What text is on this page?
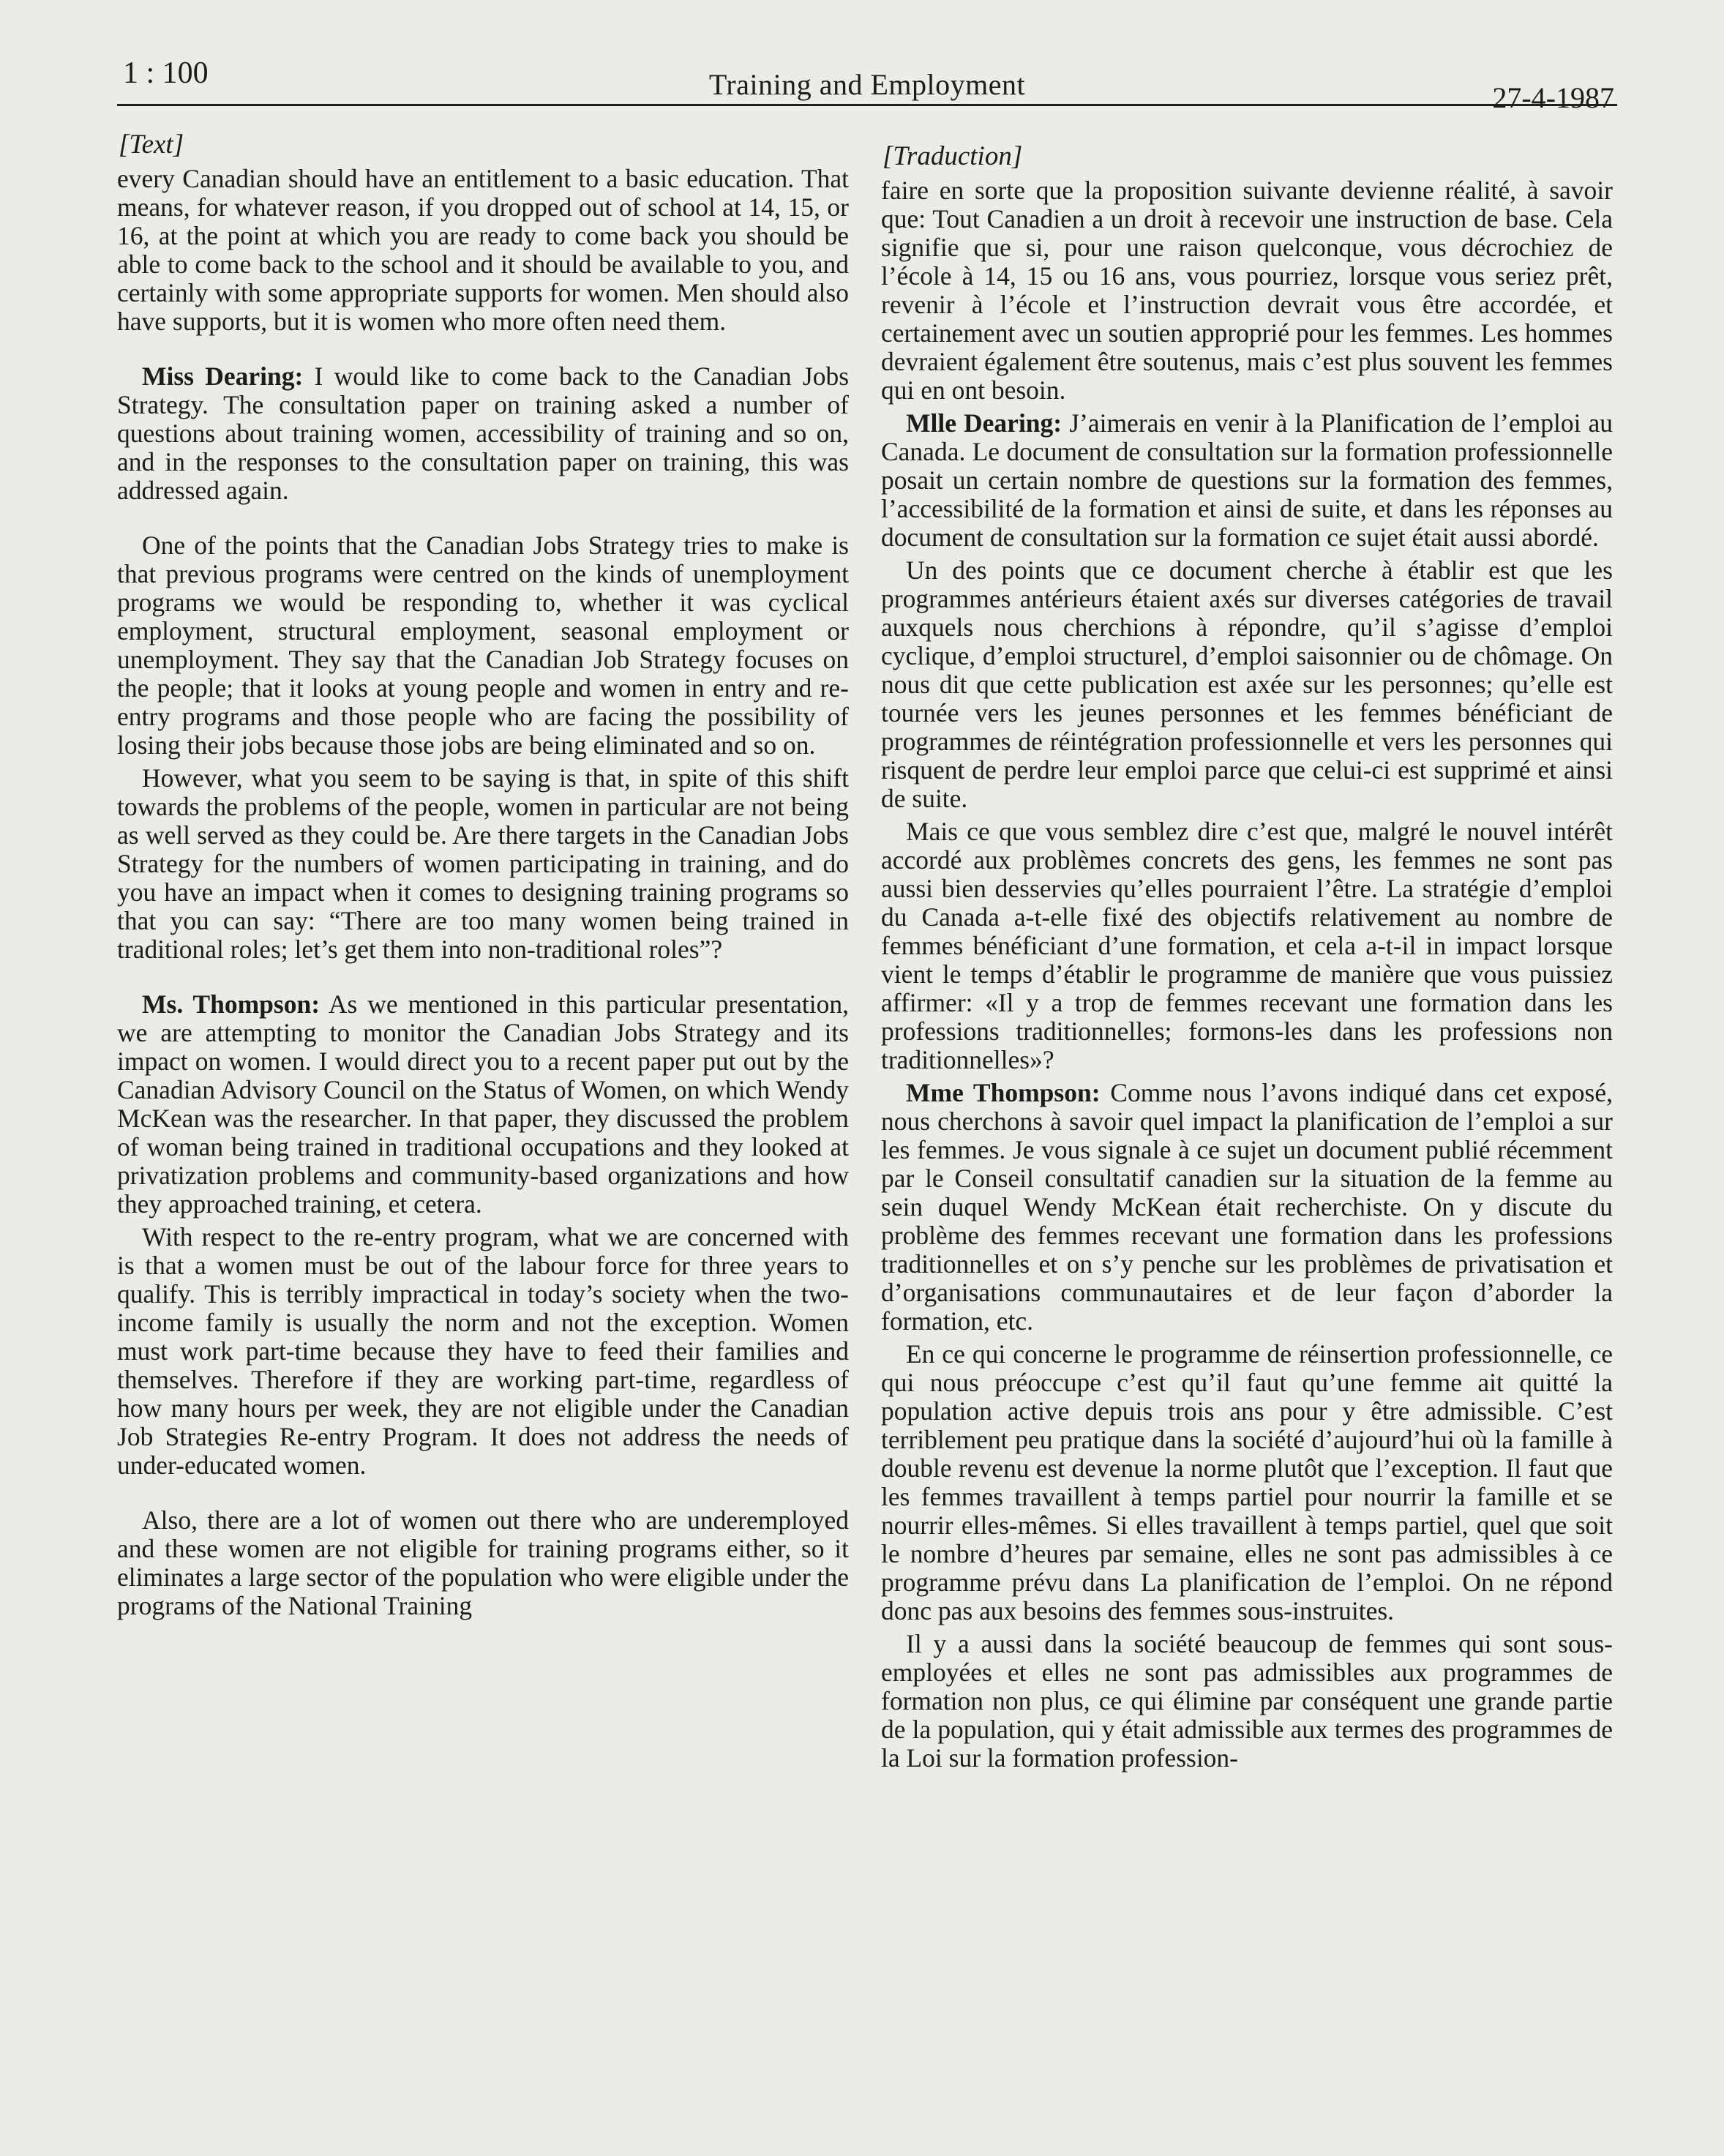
1 : 100	Training and Employment	27-4-1987
[Text]

every Canadian should have an entitlement to a basic education. That means, for whatever reason, if you dropped out of school at 14, 15, or 16, at the point at which you are ready to come back you should be able to come back to the school and it should be available to you, and certainly with some appropriate supports for women. Men should also have supports, but it is women who more often need them.

Miss Dearing: I would like to come back to the Canadian Jobs Strategy. The consultation paper on training asked a number of questions about training women, accessibility of training and so on, and in the responses to the consultation paper on training, this was addressed again.

One of the points that the Canadian Jobs Strategy tries to make is that previous programs were centred on the kinds of unemployment programs we would be responding to, whether it was cyclical employment, structural employment, seasonal employment or unemployment. They say that the Canadian Job Strategy focuses on the people; that it looks at young people and women in entry and re-entry programs and those people who are facing the possibility of losing their jobs because those jobs are being eliminated and so on.

However, what you seem to be saying is that, in spite of this shift towards the problems of the people, women in particular are not being as well served as they could be. Are there targets in the Canadian Jobs Strategy for the numbers of women participating in training, and do you have an impact when it comes to designing training programs so that you can say: “There are too many women being trained in traditional roles; let’s get them into non-traditional roles”?

Ms. Thompson: As we mentioned in this particular presentation, we are attempting to monitor the Canadian Jobs Strategy and its impact on women. I would direct you to a recent paper put out by the Canadian Advisory Council on the Status of Women, on which Wendy McKean was the researcher. In that paper, they discussed the problem of woman being trained in traditional occupations and they looked at privatization problems and community-based organizations and how they approached training, et cetera.

With respect to the re-entry program, what we are concerned with is that a women must be out of the labour force for three years to qualify. This is terribly impractical in today’s society when the two-income family is usually the norm and not the exception. Women must work part-time because they have to feed their families and themselves. Therefore if they are working part-time, regardless of how many hours per week, they are not eligible under the Canadian Job Strategies Re-entry Program. It does not address the needs of under-educated women.

Also, there are a lot of women out there who are underemployed and these women are not eligible for training programs either, so it eliminates a large sector of the population who were eligible under the programs of the National Training

[Traduction]

faire en sorte que la proposition suivante devienne réalité, à savoir que: Tout Canadien a un droit à recevoir une instruction de base. Cela signifie que si, pour une raison quelconque, vous décrochiez de l’école à 14, 15 ou 16 ans, vous pourriez, lorsque vous seriez prêt, revenir à l’école et l’instruction devrait vous être accordée, et certainement avec un soutien approprié pour les femmes. Les hommes devraient également être soutenus, mais c’est plus souvent les femmes qui en ont besoin.

Mlle Dearing: J’aimerais en venir à la Planification de l’emploi au Canada. Le document de consultation sur la formation professionnelle posait un certain nombre de questions sur la formation des femmes, l’accessibilité de la formation et ainsi de suite, et dans les réponses au document de consultation sur la formation ce sujet était aussi abordé.

Un des points que ce document cherche à établir est que les programmes antérieurs étaient axés sur diverses catégories de travail auxquels nous cherchions à répondre, qu’il s’agisse d’emploi cyclique, d’emploi structurel, d’emploi saisonnier ou de chômage. On nous dit que cette publication est axée sur les personnes; qu’elle est tournée vers les jeunes personnes et les femmes bénéficiant de programmes de réintégration professionnelle et vers les personnes qui risquent de perdre leur emploi parce que celui-ci est supprimé et ainsi de suite.

Mais ce que vous semblez dire c’est que, malgré le nouvel intérêt accordé aux problèmes concrets des gens, les femmes ne sont pas aussi bien desservies qu’elles pourraient l’être. La stratégie d’emploi du Canada a-t-elle fixé des objectifs relativement au nombre de femmes bénéficiant d’une formation, et cela a-t-il in impact lorsque vient le temps d’établir le programme de manière que vous puissiez affirmer: «Il y a trop de femmes recevant une formation dans les professions traditionnelles; formons-les dans les professions non traditionnelles»?

Mme Thompson: Comme nous l’avons indiqué dans cet exposé, nous cherchons à savoir quel impact la planification de l’emploi a sur les femmes. Je vous signale à ce sujet un document publié récemment par le Conseil consultatif canadien sur la situation de la femme au sein duquel Wendy McKean était recherchiste. On y discute du problème des femmes recevant une formation dans les professions traditionnelles et on s’y penche sur les problèmes de privatisation et d’organisations communautaires et de leur façon d’aborder la formation, etc.

En ce qui concerne le programme de réinsertion professionnelle, ce qui nous préoccupe c’est qu’il faut qu’une femme ait quitté la population active depuis trois ans pour y être admissible. C’est terriblement peu pratique dans la société d’aujourd’hui où la famille à double revenu est devenue la norme plutôt que l’exception. Il faut que les femmes travaillent à temps partiel pour nourrir la famille et se nourrir elles-mêmes. Si elles travaillent à temps partiel, quel que soit le nombre d’heures par semaine, elles ne sont pas admissibles à ce programme prévu dans La planification de l’emploi. On ne répond donc pas aux besoins des femmes sous-instruites.

Il y a aussi dans la société beaucoup de femmes qui sont sous-employées et elles ne sont pas admissibles aux programmes de formation non plus, ce qui élimine par conséquent une grande partie de la population, qui y était admissible aux termes des programmes de la Loi sur la formation profession-
